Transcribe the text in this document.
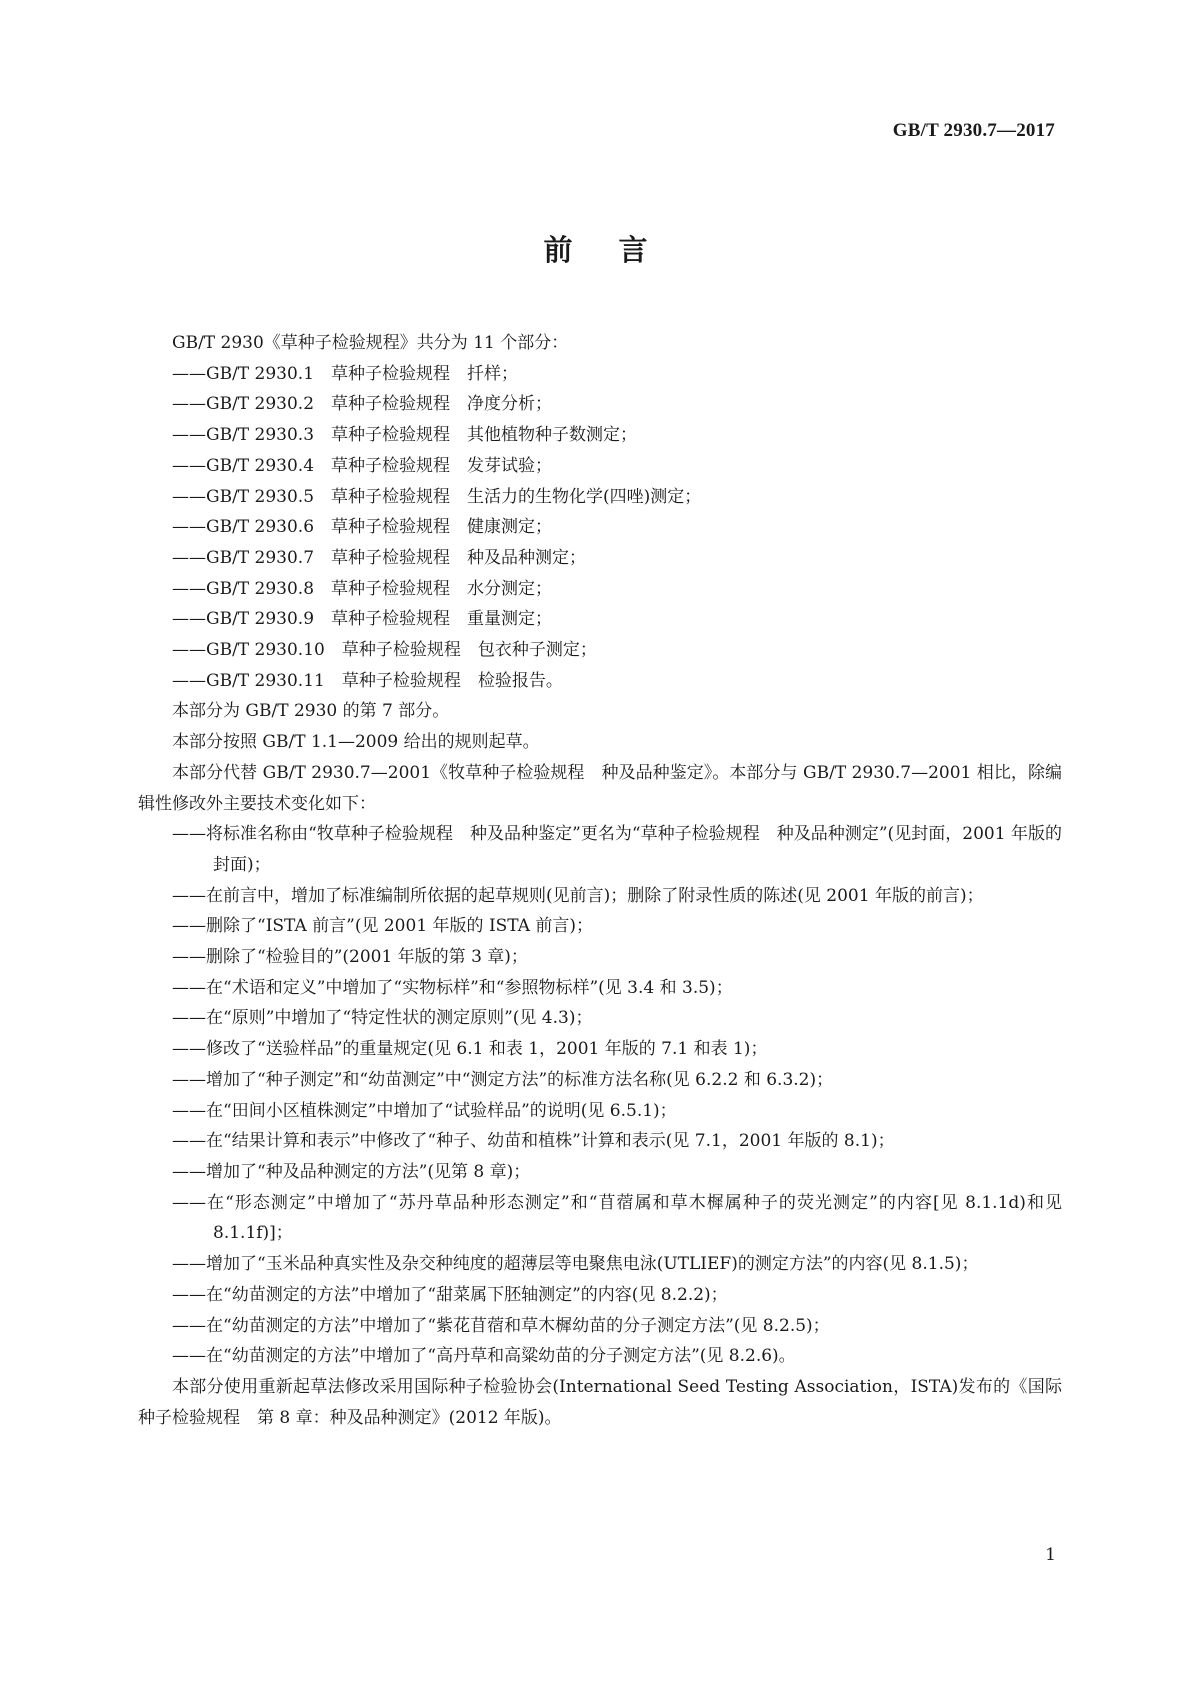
GB/T 2930.7—2017
前言

GB/T 2930《草种子检验规程》共分为 11 个部分：

——GB/T 2930.1　草种子检验规程　扦样；

——GB/T 2930.2　草种子检验规程　净度分析；

——GB/T 2930.3　草种子检验规程　其他植物种子数测定；

——GB/T 2930.4　草种子检验规程　发芽试验；

——GB/T 2930.5　草种子检验规程　生活力的生物化学(四唑)测定；

——GB/T 2930.6　草种子检验规程　健康测定；

——GB/T 2930.7　草种子检验规程　种及品种测定；

——GB/T 2930.8　草种子检验规程　水分测定；

——GB/T 2930.9　草种子检验规程　重量测定；

——GB/T 2930.10　草种子检验规程　包衣种子测定；

——GB/T 2930.11　草种子检验规程　检验报告。

本部分为 GB/T 2930 的第 7 部分。

本部分按照 GB/T 1.1—2009 给出的规则起草。

本部分代替 GB/T 2930.7—2001《牧草种子检验规程　种及品种鉴定》。本部分与 GB/T 2930.7—2001 相比，除编辑性修改外主要技术变化如下：

——将标准名称由“牧草种子检验规程　种及品种鉴定”更名为“草种子检验规程　种及品种测定”(见封面，2001 年版的封面)；

——在前言中，增加了标准编制所依据的起草规则(见前言)；删除了附录性质的陈述(见 2001 年版的前言)；

——删除了“ISTA 前言”(见 2001 年版的 ISTA 前言)；

——删除了“检验目的”(2001 年版的第 3 章)；

——在“术语和定义”中增加了“实物标样”和“参照物标样”(见 3.4 和 3.5)；

——在“原则”中增加了“特定性状的测定原则”(见 4.3)；

——修改了“送验样品”的重量规定(见 6.1 和表 1，2001 年版的 7.1 和表 1)；

——增加了“种子测定”和“幼苗测定”中“测定方法”的标准方法名称(见 6.2.2 和 6.3.2)；

——在“田间小区植株测定”中增加了“试验样品”的说明(见 6.5.1)；

——在“结果计算和表示”中修改了“种子、幼苗和植株”计算和表示(见 7.1，2001 年版的 8.1)；

——增加了“种及品种测定的方法”(见第 8 章)；

——在“形态测定”中增加了“苏丹草品种形态测定”和“苜蓿属和草木樨属种子的荧光测定”的内容[见 8.1.1d)和见 8.1.1f)]；

——增加了“玉米品种真实性及杂交种纯度的超薄层等电聚焦电泳(UTLIEF)的测定方法”的内容(见 8.1.5)；

——在“幼苗测定的方法”中增加了“甜菜属下胚轴测定”的内容(见 8.2.2)；

——在“幼苗测定的方法”中增加了“紫花苜蓿和草木樨幼苗的分子测定方法”(见 8.2.5)；

——在“幼苗测定的方法”中增加了“高丹草和高粱幼苗的分子测定方法”(见 8.2.6)。

本部分使用重新起草法修改采用国际种子检验协会(International Seed Testing Association，ISTA)发布的《国际种子检验规程　第 8 章：种及品种测定》(2012 年版)。

1
